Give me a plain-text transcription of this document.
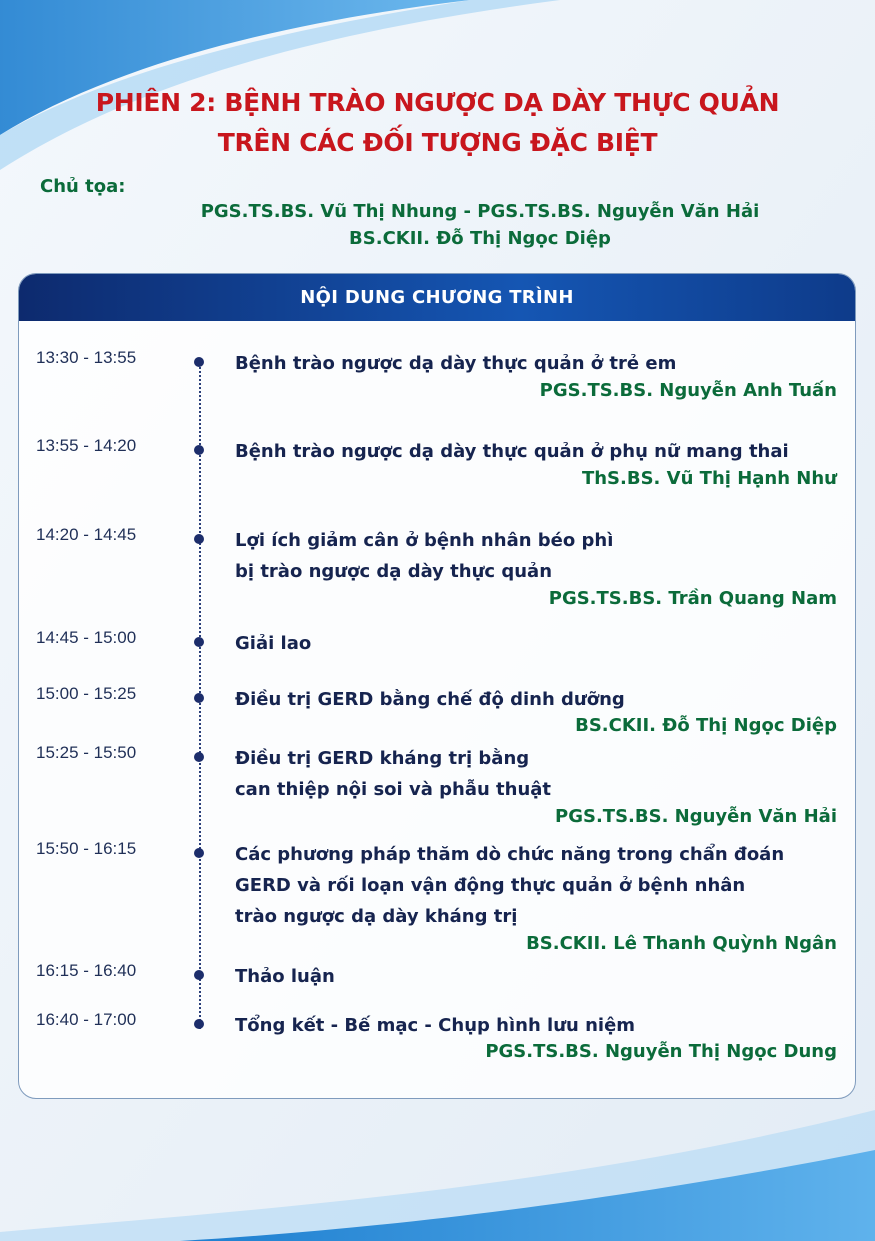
PHIÊN 2: BỆNH TRÀO NGƯỢC DẠ DÀY THỰC QUẢN
TRÊN CÁC ĐỐI TƯỢNG ĐẶC BIỆT
Chủ tọa:
PGS.TS.BS. Vũ Thị Nhung - PGS.TS.BS. Nguyễn Văn Hải
BS.CKII. Đỗ Thị Ngọc Diệp
NỘI DUNG CHƯƠNG TRÌNH
13:30 - 13:55	Bệnh trào ngược dạ dày thực quản ở trẻ em
PGS.TS.BS. Nguyễn Anh Tuấn
13:55 - 14:20	Bệnh trào ngược dạ dày thực quản ở phụ nữ mang thai
ThS.BS. Vũ Thị Hạnh Như
14:20 - 14:45	Lợi ích giảm cân ở bệnh nhân béo phì
bị trào ngược dạ dày thực quản
PGS.TS.BS. Trần Quang Nam
14:45 - 15:00	Giải lao
15:00 - 15:25	Điều trị GERD bằng chế độ dinh dưỡng
BS.CKII. Đỗ Thị Ngọc Diệp
15:25 - 15:50	Điều trị GERD kháng trị bằng
can thiệp nội soi và phẫu thuật
PGS.TS.BS. Nguyễn Văn Hải
15:50 - 16:15	Các phương pháp thăm dò chức năng trong chẩn đoán
GERD và rối loạn vận động thực quản ở bệnh nhân
trào ngược dạ dày kháng trị
BS.CKII. Lê Thanh Quỳnh Ngân
16:15 - 16:40	Thảo luận
16:40 - 17:00	Tổng kết - Bế mạc - Chụp hình lưu niệm
PGS.TS.BS. Nguyễn Thị Ngọc Dung
